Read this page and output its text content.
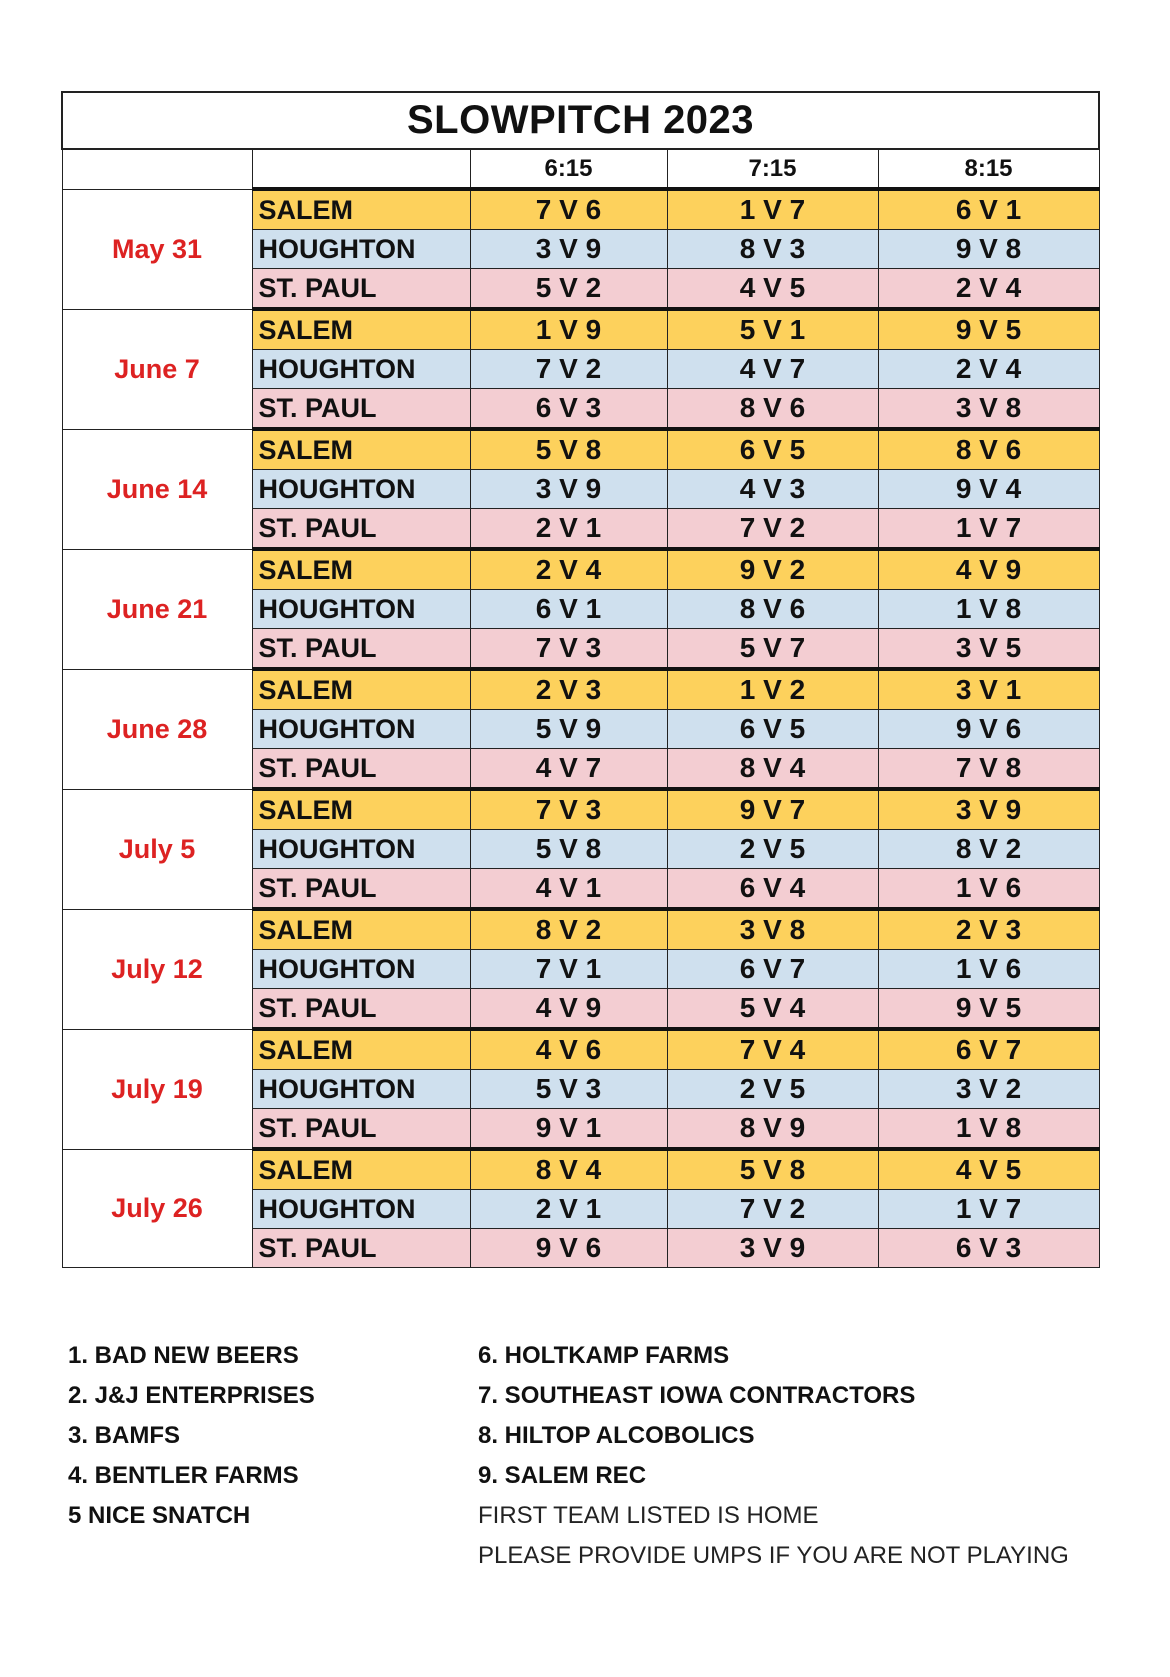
SLOWPITCH 2023				
		6:15	7:15	8:15
May 31	SALEM	7 V 6	1 V 7	6 V 1
	HOUGHTON	3 V 9	8 V 3	9 V 8
	ST. PAUL	5 V 2	4 V 5	2 V 4
June 7	SALEM	1 V 9	5 V 1	9 V 5
	HOUGHTON	7 V 2	4 V 7	2 V 4
	ST. PAUL	6 V 3	8 V 6	3 V 8
June 14	SALEM	5 V 8	6 V 5	8 V 6
	HOUGHTON	3 V 9	4 V 3	9 V 4
	ST. PAUL	2 V 1	7 V 2	1 V 7
June 21	SALEM	2 V 4	9 V 2	4 V 9
	HOUGHTON	6 V 1	8 V 6	1 V 8
	ST. PAUL	7 V 3	5 V 7	3 V 5
June 28	SALEM	2 V 3	1 V 2	3 V 1
	HOUGHTON	5 V 9	6 V 5	9 V 6
	ST. PAUL	4 V 7	8 V 4	7 V 8
July 5	SALEM	7 V 3	9 V 7	3 V 9
	HOUGHTON	5 V 8	2 V 5	8 V 2
	ST. PAUL	4 V 1	6 V 4	1 V 6
July 12	SALEM	8 V 2	3 V 8	2 V 3
	HOUGHTON	7 V 1	6 V 7	1 V 6
	ST. PAUL	4 V 9	5 V 4	9 V 5
July 19	SALEM	4 V 6	7 V 4	6 V 7
	HOUGHTON	5 V 3	2 V 5	3 V 2
	ST. PAUL	9 V 1	8 V 9	1 V 8
July 26	SALEM	8 V 4	5 V 8	4 V 5
	HOUGHTON	2 V 1	7 V 2	1 V 7
	ST. PAUL	9 V 6	3 V 9	6 V 3
1. BAD NEW BEERS
2. J&J ENTERPRISES
3. BAMFS
4. BENTLER FARMS
5 NICE SNATCH
6. HOLTKAMP FARMS
7. SOUTHEAST IOWA CONTRACTORS
8. HILTOP ALCOBOLICS
9. SALEM REC
FIRST TEAM LISTED IS HOME
PLEASE PROVIDE UMPS IF YOU ARE NOT PLAYING
